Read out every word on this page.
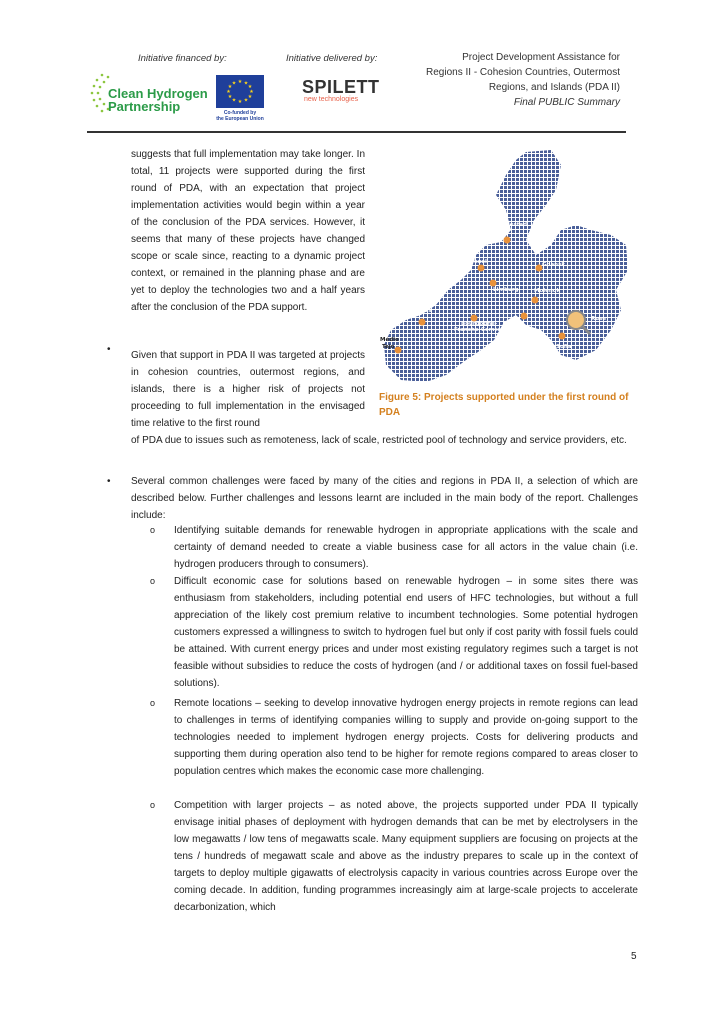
Initiative financed by:	Initiative delivered by:	Project Development Assistance for
Regions II - Cohesion Countries, Outermost
Regions, and Islands (PDA II)
Final PUBLIC Summary
Clean Hydrogen
Partnership
★ ★
★
★
★
★
★
★
★
★
★
★
Co-funded by
the European Union
SPILETT
new technologies
suggests that full implementation may take longer. In total, 11 projects were supported during the first round of PDA, with an expectation that project implementation activities would begin within a year of the conclusion of the PDA services. However, it seems that many of these projects have changed scope or scale since, reacting to a dynamic project context, or remained in the planning phase and are yet to deploy the technologies two and a half years after the conclusion of the PDA support.
•
Given that support in PDA II was targeted at projects in cohesion countries, outermost regions, and islands, there is a higher risk of projects not proceeding to full implementation in the envisaged time relative to the first round
of PDA due to issues such as remoteness, lack of scale, restricted pool of technology and service providers, etc.
• Several common challenges were faced by many of the cities and regions in PDA II, a selection of which are described below. Further challenges and lessons learnt are included in the main body of the report. Challenges include:
o Identifying suitable demands for renewable hydrogen in appropriate applications with the scale and certainty of demand needed to create a viable business case for all actors in the value chain (i.e. hydrogen producers through to consumers).
o Difficult economic case for solutions based on renewable hydrogen – in some sites there was enthusiasm from stakeholders, including potential end users of HFC technologies, but without a full appreciation of the likely cost premium relative to incumbent technologies. Some potential hydrogen customers expressed a willingness to switch to hydrogen fuel but only if cost parity with fossil fuels could be attained. With current energy prices and under most existing regulatory regimes such a target is not feasible without subsidies to reduce the costs of hydrogen (and / or additional taxes on fossil fuel-based solutions).
o Remote locations – seeking to develop innovative hydrogen energy projects in remote regions can lead to challenges in terms of identifying companies willing to supply and provide on-going support to the technologies needed to implement hydrogen energy projects. Costs for delivering products and supporting them during operation also tend to be higher for remote regions compared to areas closer to population centres which makes the economic case more challenging.
o Competition with larger projects – as noted above, the projects supported under PDA II typically envisage initial phases of deployment with hydrogen demands that can be met by electrolysers in the low megawatts / low tens of megawatts scale. Many equipment suppliers are focusing on projects at the tens / hundreds of megawatt scale and above as the industry prepares to scale up in the context of targets to deploy multiple gigawatts of electrolysis capacity in various countries across Europe over the coming decade. In addition, funding programmes increasingly aim at large-scale projects to accelerate decarbonization, which
Mariestad
Texel	Gdansk
Limburg	Molenok
Asturias
Bourgogne-
Franche-Comté
Ruse
Zagreb
Médio
Tejo	Sofia
Figure 5: Projects supported under the first round of PDA
5
